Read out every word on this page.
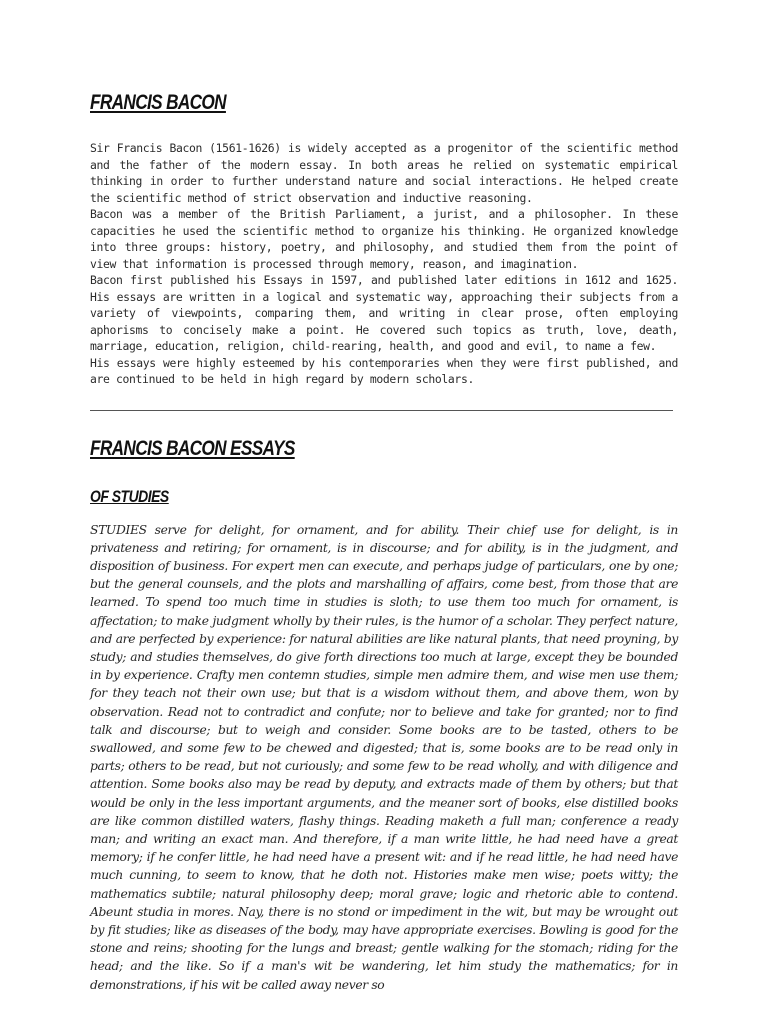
FRANCIS BACON

Sir Francis Bacon (1561-1626) is widely accepted as a progenitor of the scientific method and the father of the modern essay. In both areas he relied on systematic empirical thinking in order to further understand nature and social interactions. He helped create the scientific method of strict observation and inductive reasoning.

Bacon was a member of the British Parliament, a jurist, and a philosopher. In these capacities he used the scientific method to organize his thinking. He organized knowledge into three groups: history, poetry, and philosophy, and studied them from the point of view that information is processed through memory, reason, and imagination.

Bacon first published his Essays in 1597, and published later editions in 1612 and 1625. His essays are written in a logical and systematic way, approaching their subjects from a variety of viewpoints, comparing them, and writing in clear prose, often employing aphorisms to concisely make a point. He covered such topics as truth, love, death, marriage, education, religion, child-rearing, health, and good and evil, to name a few.

His essays were highly esteemed by his contemporaries when they were first published, and are continued to be held in high regard by modern scholars.

FRANCIS BACON ESSAYS
OF STUDIES

STUDIES serve for delight, for ornament, and for ability. Their chief use for delight, is in privateness and retiring; for ornament, is in discourse; and for ability, is in the judgment, and disposition of business. For expert men can execute, and perhaps judge of particulars, one by one; but the general counsels, and the plots and marshalling of affairs, come best, from those that are learned. To spend too much time in studies is sloth; to use them too much for ornament, is affectation; to make judgment wholly by their rules, is the humor of a scholar. They perfect nature, and are perfected by experience: for natural abilities are like natural plants, that need proyning, by study; and studies themselves, do give forth directions too much at large, except they be bounded in by experience. Crafty men contemn studies, simple men admire them, and wise men use them; for they teach not their own use; but that is a wisdom without them, and above them, won by observation. Read not to contradict and confute; nor to believe and take for granted; nor to find talk and discourse; but to weigh and consider. Some books are to be tasted, others to be swallowed, and some few to be chewed and digested; that is, some books are to be read only in parts; others to be read, but not curiously; and some few to be read wholly, and with diligence and attention. Some books also may be read by deputy, and extracts made of them by others; but that would be only in the less important arguments, and the meaner sort of books, else distilled books are like common distilled waters, flashy things. Reading maketh a full man; conference a ready man; and writing an exact man. And therefore, if a man write little, he had need have a great memory; if he confer little, he had need have a present wit: and if he read little, he had need have much cunning, to seem to know, that he doth not. Histories make men wise; poets witty; the mathematics subtile; natural philosophy deep; moral grave; logic and rhetoric able to contend. Abeunt studia in mores. Nay, there is no stond or impediment in the wit, but may be wrought out by fit studies; like as diseases of the body, may have appropriate exercises. Bowling is good for the stone and reins; shooting for the lungs and breast; gentle walking for the stomach; riding for the head; and the like. So if a man's wit be wandering, let him study the mathematics; for in demonstrations, if his wit be called away never so
